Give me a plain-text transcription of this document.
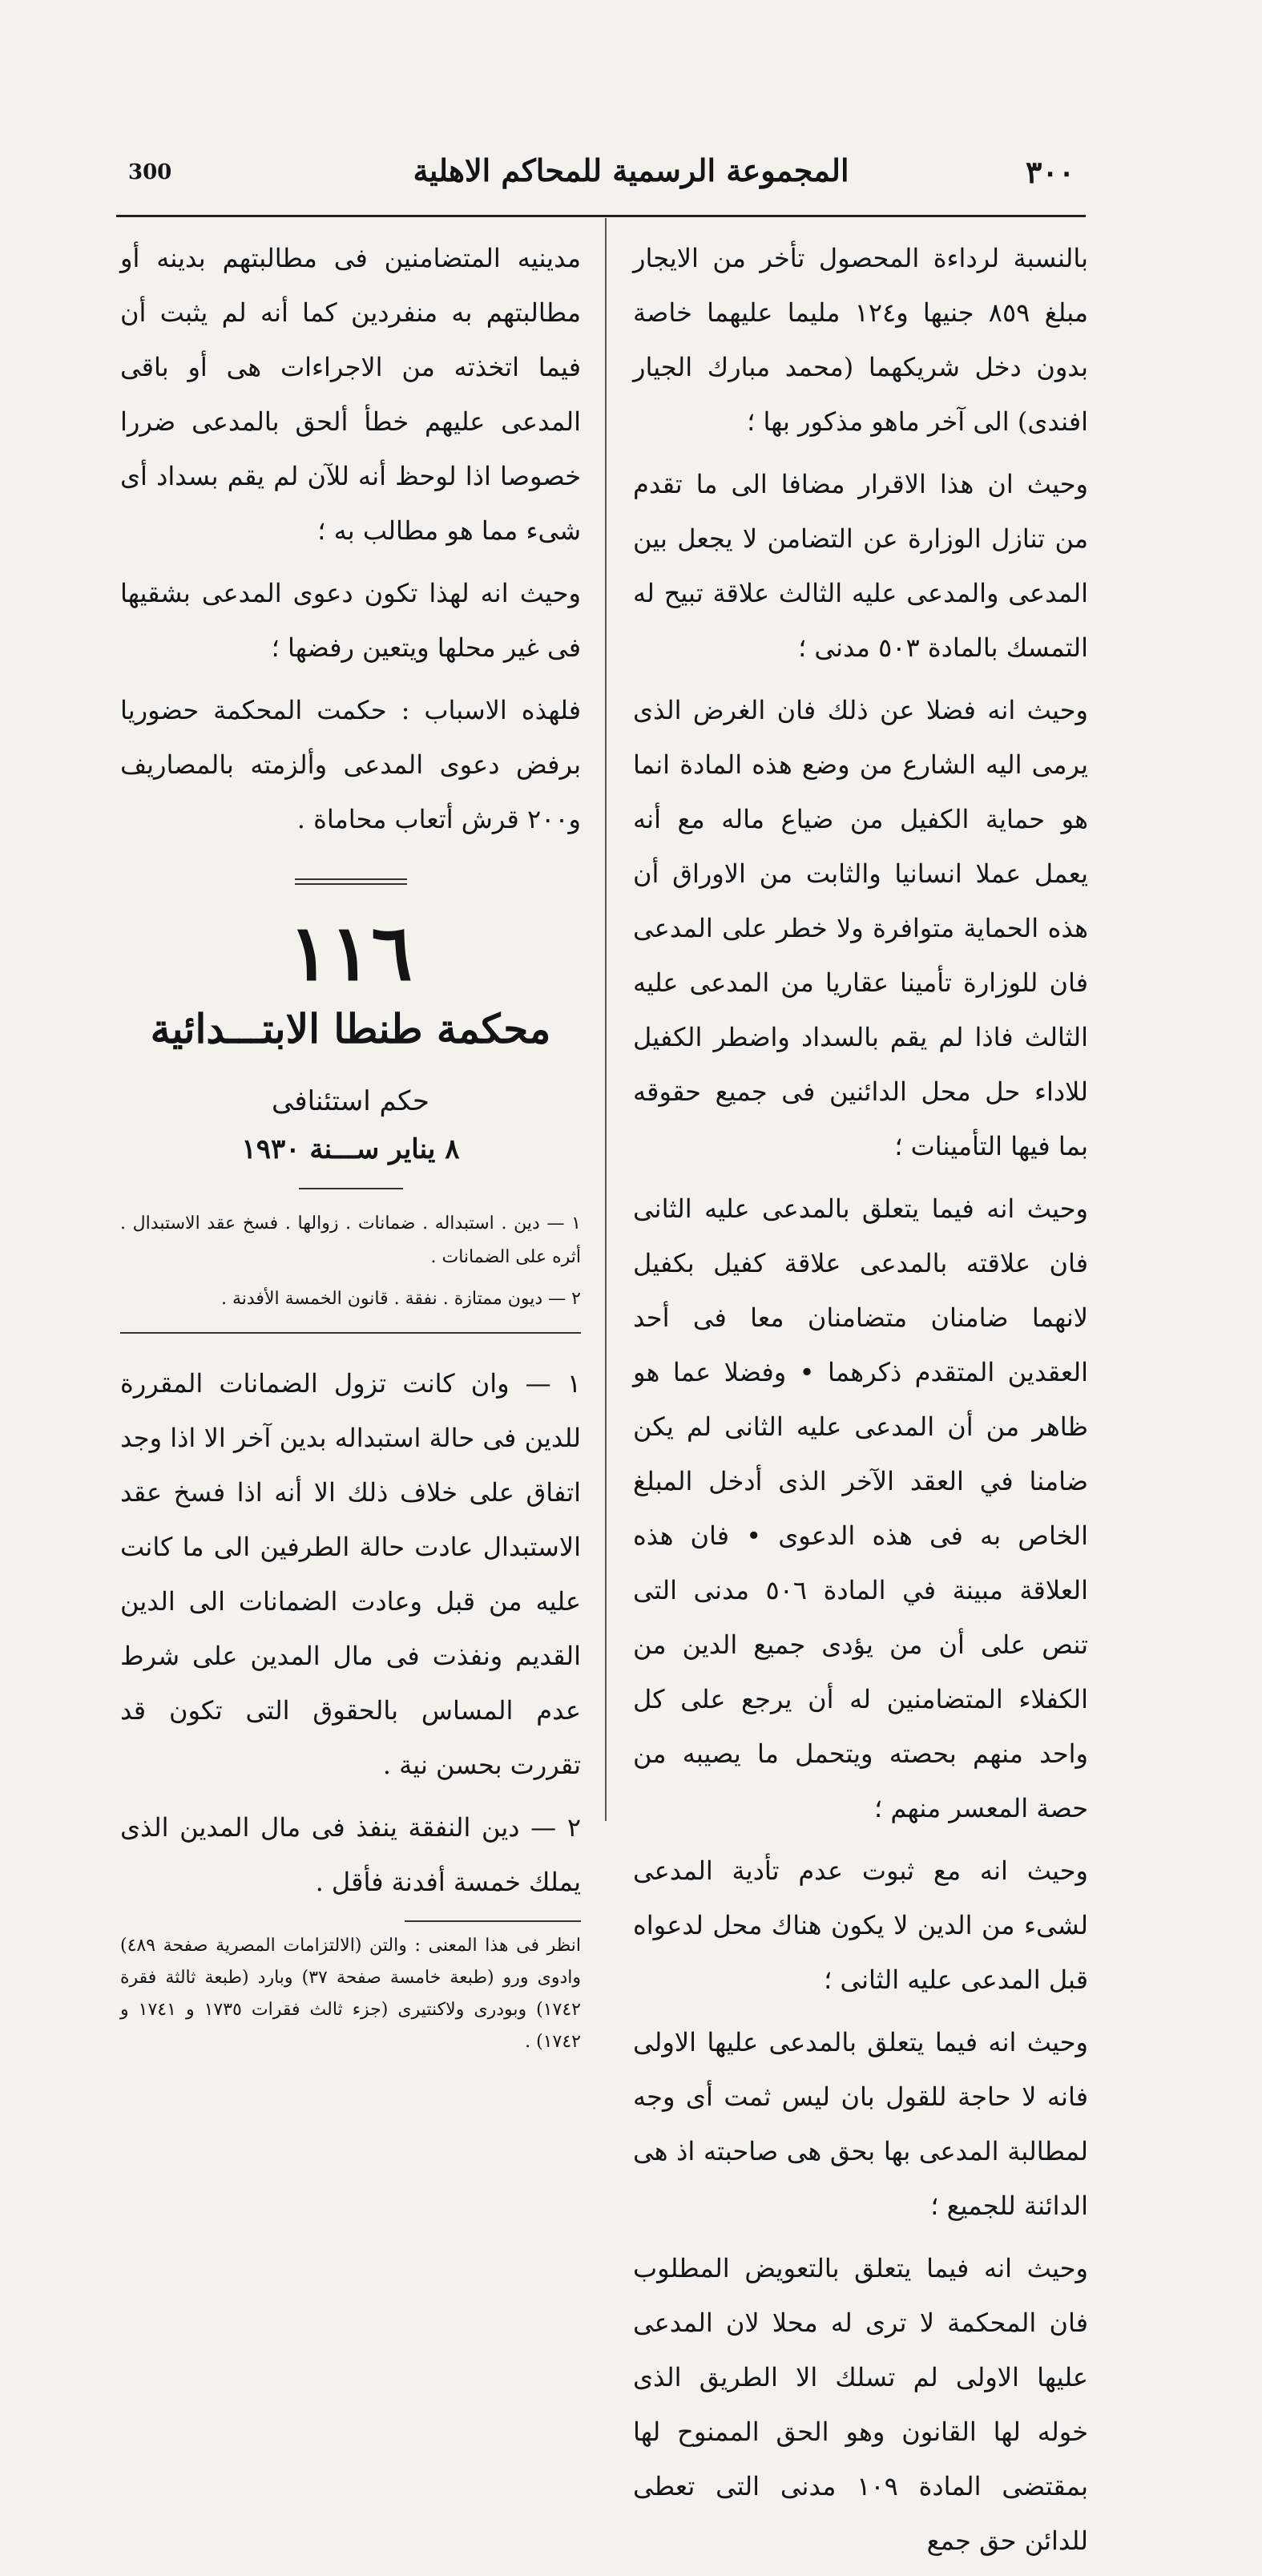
300	المجموعة الرسمية للمحاكم الاهلية	٣٠٠

بالنسبة لرداءة المحصول تأخر من الايجار مبلغ ٨٥٩ جنيها و١٢٤ مليما عليهما خاصة بدون دخل شريكهما (محمد مبارك الجيار افندى) الى آخر ماهو مذكور بها ؛

وحيث ان هذا الاقرار مضافا الى ما تقدم من تنازل الوزارة عن التضامن لا يجعل بين المدعى والمدعى عليه الثالث علاقة تبيح له التمسك بالمادة ٥٠٣ مدنى ؛

وحيث انه فضلا عن ذلك فان الغرض الذى يرمى اليه الشارع من وضع هذه المادة انما هو حماية الكفيل من ضياع ماله مع أنه يعمل عملا انسانيا والثابت من الاوراق أن هذه الحماية متوافرة ولا خطر على المدعى فان للوزارة تأمينا عقاريا من المدعى عليه الثالث فاذا لم يقم بالسداد واضطر الكفيل للاداء حل محل الدائنين فى جميع حقوقه بما فيها التأمينات ؛

وحيث انه فيما يتعلق بالمدعى عليه الثانى فان علاقته بالمدعى علاقة كفيل بكفيل لانهما ضامنان متضامنان معا فى أحد العقدين المتقدم ذكرهما • وفضلا عما هو ظاهر من أن المدعى عليه الثانى لم يكن ضامنا في العقد الآخر الذى أدخل المبلغ الخاص به فى هذه الدعوى • فان هذه العلاقة مبينة في المادة ٥٠٦ مدنى التى تنص على أن من يؤدى جميع الدين من الكفلاء المتضامنين له أن يرجع على كل واحد منهم بحصته ويتحمل ما يصيبه من حصة المعسر منهم ؛

وحيث انه مع ثبوت عدم تأدية المدعى لشىء من الدين لا يكون هناك محل لدعواه قبل المدعى عليه الثانى ؛

وحيث انه فيما يتعلق بالمدعى عليها الاولى فانه لا حاجة للقول بان ليس ثمت أى وجه لمطالبة المدعى بها بحق هى صاحبته اذ هى الدائنة للجميع ؛

وحيث انه فيما يتعلق بالتعويض المطلوب فان المحكمة لا ترى له محلا لان المدعى عليها الاولى لم تسلك الا الطريق الذى خوله لها القانون وهو الحق الممنوح لها بمقتضى المادة ١٠٩ مدنى التى تعطى للدائن حق جمع

مدينيه المتضامنين فى مطالبتهم بدينه أو مطالبتهم به منفردين كما أنه لم يثبت أن فيما اتخذته من الاجراءات هى أو باقى المدعى عليهم خطأ ألحق بالمدعى ضررا خصوصا اذا لوحظ أنه للآن لم يقم بسداد أى شىء مما هو مطالب به ؛

وحيث انه لهذا تكون دعوى المدعى بشقيها فى غير محلها ويتعين رفضها ؛

فلهذه الاسباب : حكمت المحكمة حضوريا برفض دعوى المدعى وألزمته بالمصاريف و٢٠٠ قرش أتعاب محاماة .

١١٦
محكمة طنطا الابتـــدائية
حكم استئنافى
٨ يناير ســـنة ١٩٣٠

١ — دين . استبداله . ضمانات . زوالها . فسخ عقد الاستبدال . أثره على الضمانات .

٢ — ديون ممتازة . نفقة . قانون الخمسة الأفدنة .

١ — وان كانت تزول الضمانات المقررة للدين فى حالة استبداله بدين آخر الا اذا وجد اتفاق على خلاف ذلك الا أنه اذا فسخ عقد الاستبدال عادت حالة الطرفين الى ما كانت عليه من قبل وعادت الضمانات الى الدين القديم ونفذت فى مال المدين على شرط عدم المساس بالحقوق التى تكون قد تقررت بحسن نية .

٢ — دين النفقة ينفذ فى مال المدين الذى يملك خمسة أفدنة فأقل .

انظر فى هذا المعنى : والتن (الالتزامات المصرية صفحة ٤٨٩) وادوى ورو (طبعة خامسة صفحة ٣٧) وبارد (طبعة ثالثة فقرة ١٧٤٢) وبودرى ولاكنتيرى (جزء ثالث فقرات ١٧٣٥ و ١٧٤١ و ١٧٤٢) .
